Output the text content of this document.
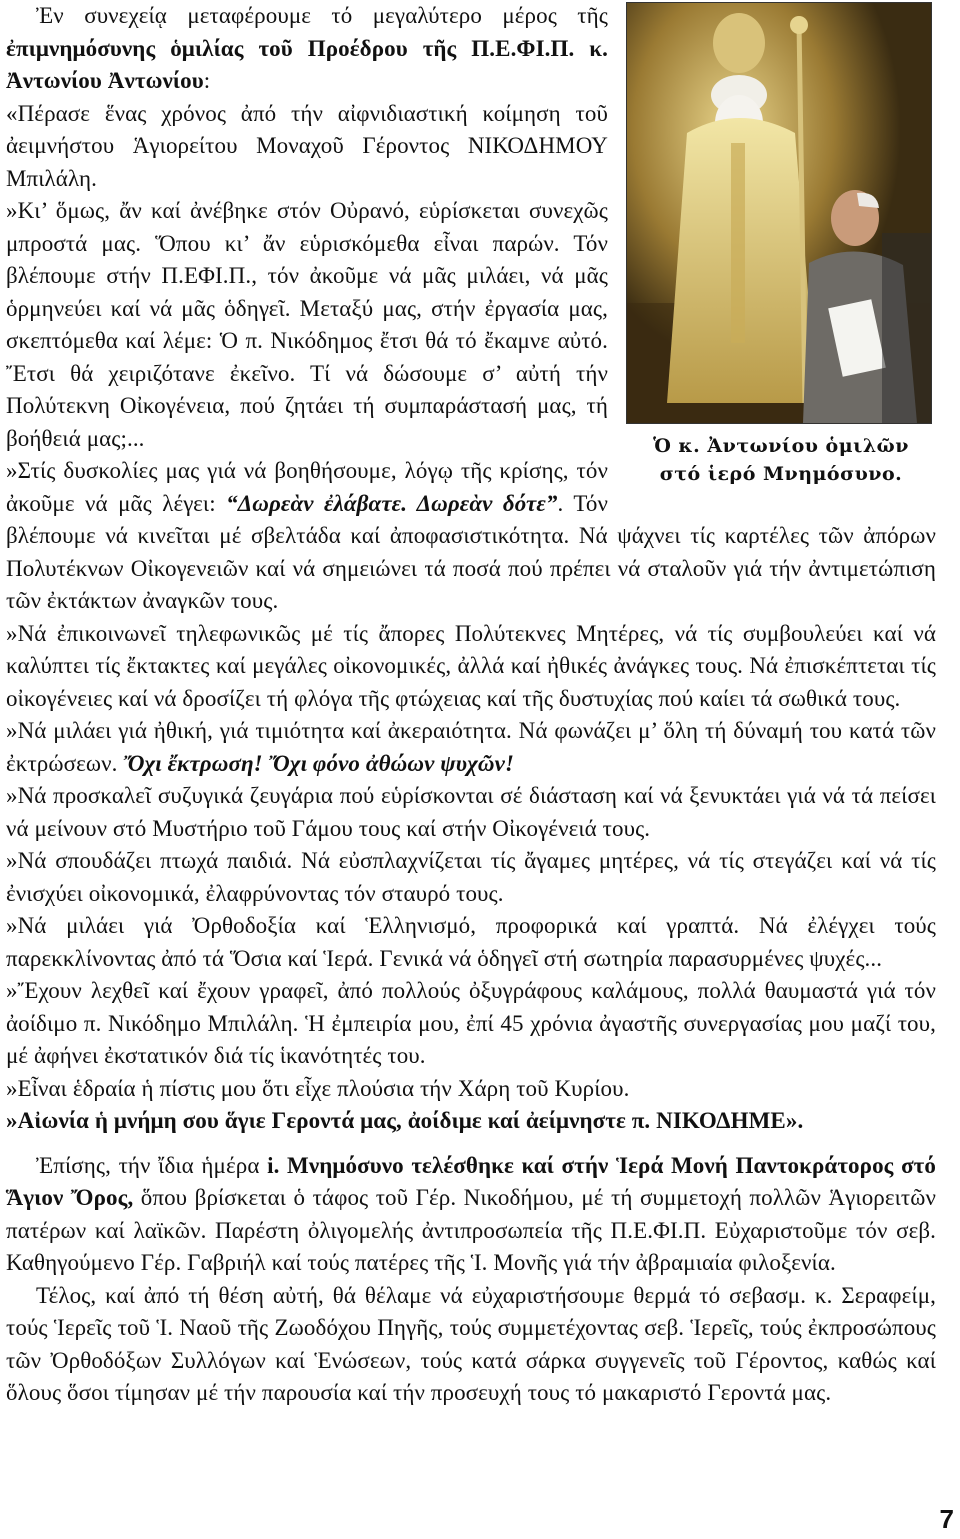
Ὁ κ. Ἀντωνίου ὁμιλῶν
στό ἱερό Μνημόσυνο.

Ἐν συνεχείᾳ μεταφέρουμε τό μεγαλύτερο μέρος τῆς ἐπιμνημόσυνης ὁμιλίας τοῦ Προέδρου τῆς Π.Ε.ΦΙ.Π. κ. Ἀντωνίου Ἀντωνίου:

«Πέρασε ἕνας χρόνος ἀπό τήν αἰφνιδιαστική κοίμηση τοῦ ἀειμνήστου Ἁγιορείτου Μοναχοῦ Γέροντος ΝΙΚΟΔΗΜΟΥ Μπιλάλη.

»Κι’ ὅμως, ἄν καί ἀνέβηκε στόν Οὐρανό, εὑρίσκεται συνεχῶς μπροστά μας. Ὅπου κι’ ἄν εὑρισκόμεθα εἶναι παρών. Τόν βλέπουμε στήν Π.ΕΦΙ.Π., τόν ἀκοῦμε νά μᾶς μιλάει, νά μᾶς ὁρμηνεύει καί νά μᾶς ὁδηγεῖ. Μεταξύ μας, στήν ἐργασία μας, σκεπτόμεθα καί λέμε: Ὁ π. Νικόδημος ἔτσι θά τό ἔκαμνε αὐτό. Ἔτσι θά χειριζότανε ἐκεῖνο. Τί νά δώσουμε σ’ αὐτή τήν Πολύτεκνη Οἰκογένεια, πού ζητάει τή συμπαράστασή μας, τή βοήθειά μας;...

»Στίς δυσκολίες μας γιά νά βοηθήσουμε, λόγῳ τῆς κρίσης, τόν ἀκοῦμε νά μᾶς λέγει: “Δωρεὰν ἐλάβατε. Δωρεὰν δότε”. Τόν βλέπουμε νά κινεῖται μέ σβελτάδα καί ἀποφασιστικότητα. Νά ψάχνει τίς καρτέλες τῶν ἀπόρων Πολυτέκνων Οἰκογενειῶν καί νά σημειώνει τά ποσά πού πρέπει νά σταλοῦν γιά τήν ἀντιμετώπιση τῶν ἐκτάκτων ἀναγκῶν τους.

»Νά ἐπικοινωνεῖ τηλεφωνικῶς μέ τίς ἄπορες Πολύτεκνες Μητέρες, νά τίς συμβουλεύει καί νά καλύπτει τίς ἔκτακτες καί μεγάλες οἰκονομικές, ἀλλά καί ἠθικές ἀνάγκες τους. Νά ἐπισκέπτεται τίς οἰκογένειες καί νά δροσίζει τή φλόγα τῆς φτώχειας καί τῆς δυστυχίας πού καίει τά σωθικά τους.

»Νά μιλάει γιά ἠθική, γιά τιμιότητα καί ἀκεραιότητα. Νά φωνάζει μ’ ὅλη τή δύναμή του κατά τῶν ἐκτρώσεων. Ὄχι ἔκτρωση! Ὄχι φόνο ἀθώων ψυχῶν!

»Νά προσκαλεῖ συζυγικά ζευγάρια πού εὑρίσκονται σέ διάσταση καί νά ξενυκτάει γιά νά τά πείσει νά μείνουν στό Μυστήριο τοῦ Γάμου τους καί στήν Οἰκογένειά τους.

»Νά σπουδάζει πτωχά παιδιά. Νά εὐσπλαχνίζεται τίς ἄγαμες μητέρες, νά τίς στεγάζει καί νά τίς ἐνισχύει οἰκονομικά, ἐλαφρύνοντας τόν σταυρό τους.

»Νά μιλάει γιά Ὀρθοδοξία καί Ἑλληνισμό, προφορικά καί γραπτά. Νά ἐλέγχει τούς παρεκκλίνοντας ἀπό τά Ὅσια καί Ἱερά. Γενικά νά ὁδηγεῖ στή σωτηρία παρασυρμένες ψυχές...

»Ἔχουν λεχθεῖ καί ἔχουν γραφεῖ, ἀπό πολλούς ὀξυγράφους καλάμους, πολλά θαυμαστά γιά τόν ἀοίδιμο π. Νικόδημο Μπιλάλη. Ἡ ἐμπειρία μου, ἐπί 45 χρόνια ἀγαστῆς συνεργασίας μου μαζί του, μέ ἀφήνει ἐκστατικόν διά τίς ἱκανότητές του.

»Εἶναι ἑδραία ἡ πίστις μου ὅτι εἶχε πλούσια τήν Χάρη τοῦ Κυρίου.

»Αἰωνία ἡ μνήμη σου ἅγιε Γεροντά μας, ἀοίδιμε καί ἀείμνηστε π. ΝΙΚΟΔΗΜΕ».

Ἐπίσης, τήν ἴδια ἡμέρα i. Μνημόσυνο τελέσθηκε καί στήν Ἱερά Μονή Παντοκράτορος στό Ἅγιον Ὄρος, ὅπου βρίσκεται ὁ τάφος τοῦ Γέρ. Νικοδήμου, μέ τή συμμετοχή πολλῶν Ἁγιορειτῶν πατέρων καί λαϊκῶν. Παρέστη ὀλιγομελής ἀντιπροσωπεία τῆς Π.Ε.ΦΙ.Π. Εὐχαριστοῦμε τόν σεβ. Καθηγούμενο Γέρ. Γαβριήλ καί τούς πατέρες τῆς Ἱ. Μονῆς γιά τήν ἀβραμιαία φιλοξενία.

Τέλος, καί ἀπό τή θέση αὐτή, θά θέλαμε νά εὐχαριστήσουμε θερμά τό σεβασμ. κ. Σεραφείμ, τούς Ἱερεῖς τοῦ Ἱ. Ναοῦ τῆς Ζωοδόχου Πηγῆς, τούς συμμετέχοντας σεβ. Ἱερεῖς, τούς ἐκπροσώπους τῶν Ὀρθοδόξων Συλλόγων καί Ἑνώσεων, τούς κατά σάρκα συγγενεῖς τοῦ Γέροντος, καθώς καί ὅλους ὅσοι τίμησαν μέ τήν παρουσία καί τήν προσευχή τους τό μακαριστό Γεροντά μας.

7
